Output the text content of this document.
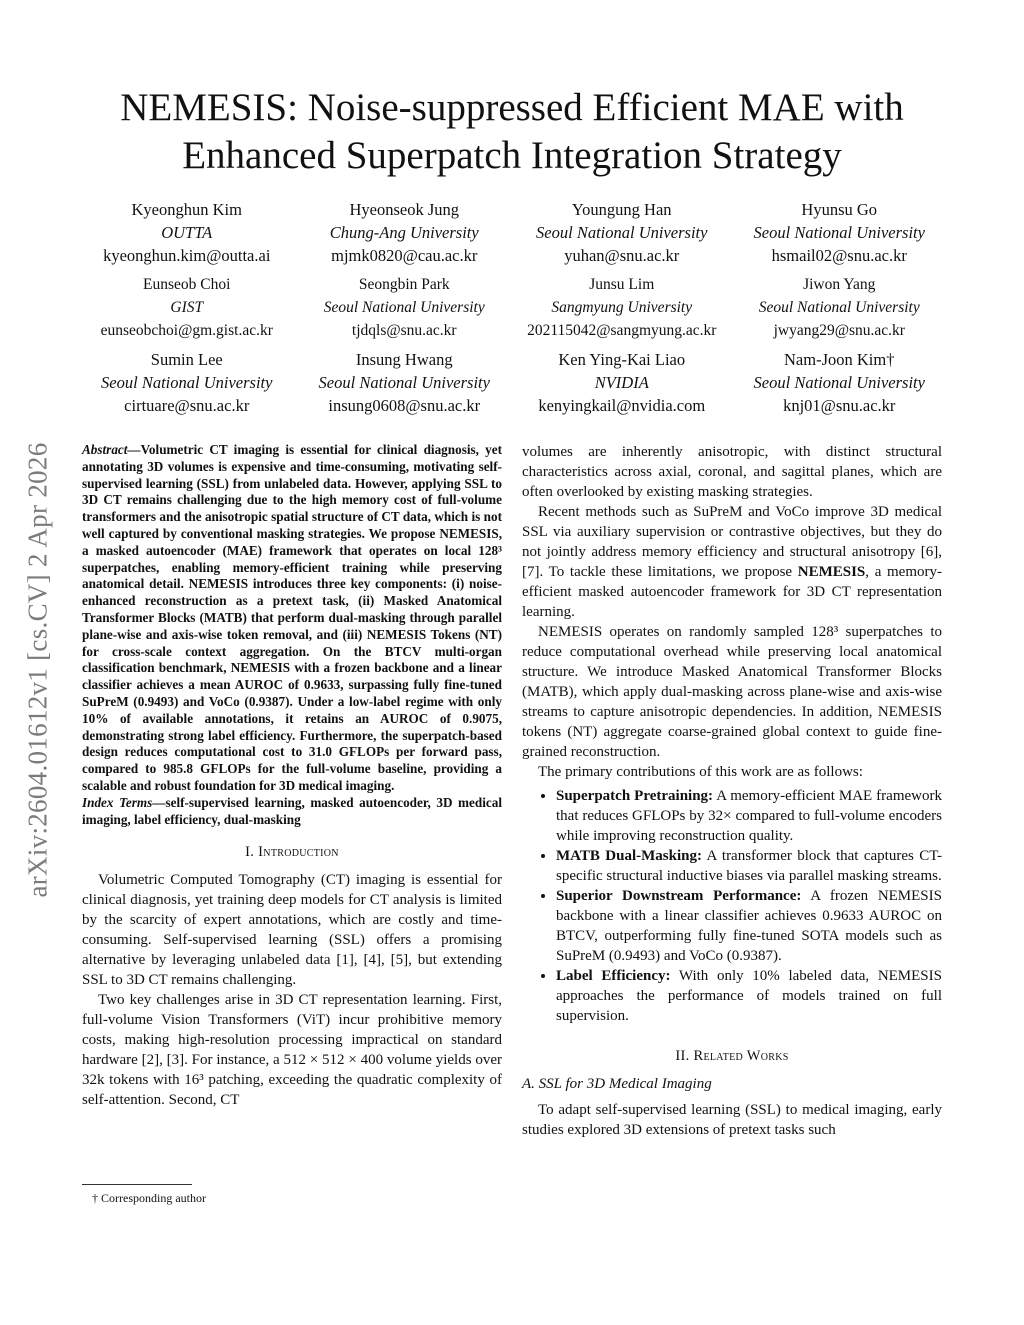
arXiv:2604.01612v1 [cs.CV] 2 Apr 2026
NEMESIS: Noise-suppressed Efficient MAE with
Enhanced Superpatch Integration Strategy
Kyeonghun Kim
OUTTA
kyeonghun.kim@outta.ai
Hyeonseok Jung
Chung-Ang University
mjmk0820@cau.ac.kr
Youngung Han
Seoul National University
yuhan@snu.ac.kr
Hyunsu Go
Seoul National University
hsmail02@snu.ac.kr
Eunseob Choi
GIST
eunseobchoi@gm.gist.ac.kr
Seongbin Park
Seoul National University
tjdqls@snu.ac.kr
Junsu Lim
Sangmyung University
202115042@sangmyung.ac.kr
Jiwon Yang
Seoul National University
jwyang29@snu.ac.kr
Sumin Lee
Seoul National University
cirtuare@snu.ac.kr
Insung Hwang
Seoul National University
insung0608@snu.ac.kr
Ken Ying-Kai Liao
NVIDIA
kenyingkail@nvidia.com
Nam-Joon Kim†
Seoul National University
knj01@snu.ac.kr
Abstract—Volumetric CT imaging is essential for clinical diagnosis, yet annotating 3D volumes is expensive and time-consuming, motivating self-supervised learning (SSL) from unlabeled data. However, applying SSL to 3D CT remains challenging due to the high memory cost of full-volume transformers and the anisotropic spatial structure of CT data, which is not well captured by conventional masking strategies. We propose NEMESIS, a masked autoencoder (MAE) framework that operates on local 128³ superpatches, enabling memory-efficient training while preserving anatomical detail. NEMESIS introduces three key components: (i) noise-enhanced reconstruction as a pretext task, (ii) Masked Anatomical Transformer Blocks (MATB) that perform dual-masking through parallel plane-wise and axis-wise token removal, and (iii) NEMESIS Tokens (NT) for cross-scale context aggregation. On the BTCV multi-organ classification benchmark, NEMESIS with a frozen backbone and a linear classifier achieves a mean AUROC of 0.9633, surpassing fully fine-tuned SuPreM (0.9493) and VoCo (0.9387). Under a low-label regime with only 10% of available annotations, it retains an AUROC of 0.9075, demonstrating strong label efficiency. Furthermore, the superpatch-based design reduces computational cost to 31.0 GFLOPs per forward pass, compared to 985.8 GFLOPs for the full-volume baseline, providing a scalable and robust foundation for 3D medical imaging.
Index Terms—self-supervised learning, masked autoencoder, 3D medical imaging, label efficiency, dual-masking
I. Introduction

Volumetric Computed Tomography (CT) imaging is essential for clinical diagnosis, yet training deep models for CT analysis is limited by the scarcity of expert annotations, which are costly and time-consuming. Self-supervised learning (SSL) offers a promising alternative by leveraging unlabeled data [1], [4], [5], but extending SSL to 3D CT remains challenging.

Two key challenges arise in 3D CT representation learning. First, full-volume Vision Transformers (ViT) incur prohibitive memory costs, making high-resolution processing impractical on standard hardware [2], [3]. For instance, a 512 × 512 × 400 volume yields over 32k tokens with 16³ patching, exceeding the quadratic complexity of self-attention. Second, CT

† Corresponding author

volumes are inherently anisotropic, with distinct structural characteristics across axial, coronal, and sagittal planes, which are often overlooked by existing masking strategies.

Recent methods such as SuPreM and VoCo improve 3D medical SSL via auxiliary supervision or contrastive objectives, but they do not jointly address memory efficiency and structural anisotropy [6], [7]. To tackle these limitations, we propose NEMESIS, a memory-efficient masked autoencoder framework for 3D CT representation learning.

NEMESIS operates on randomly sampled 128³ superpatches to reduce computational overhead while preserving local anatomical structure. We introduce Masked Anatomical Transformer Blocks (MATB), which apply dual-masking across plane-wise and axis-wise streams to capture anisotropic dependencies. In addition, NEMESIS tokens (NT) aggregate coarse-grained global context to guide fine-grained reconstruction.

The primary contributions of this work are as follows:

• Superpatch Pretraining: A memory-efficient MAE framework that reduces GFLOPs by 32× compared to full-volume encoders while improving reconstruction quality.
• MATB Dual-Masking: A transformer block that captures CT-specific structural inductive biases via parallel masking streams.
• Superior Downstream Performance: A frozen NEMESIS backbone with a linear classifier achieves 0.9633 AUROC on BTCV, outperforming fully fine-tuned SOTA models such as SuPreM (0.9493) and VoCo (0.9387).
• Label Efficiency: With only 10% labeled data, NEMESIS approaches the performance of models trained on full supervision.
II. Related Works
A. SSL for 3D Medical Imaging

To adapt self-supervised learning (SSL) to medical imaging, early studies explored 3D extensions of pretext tasks such
